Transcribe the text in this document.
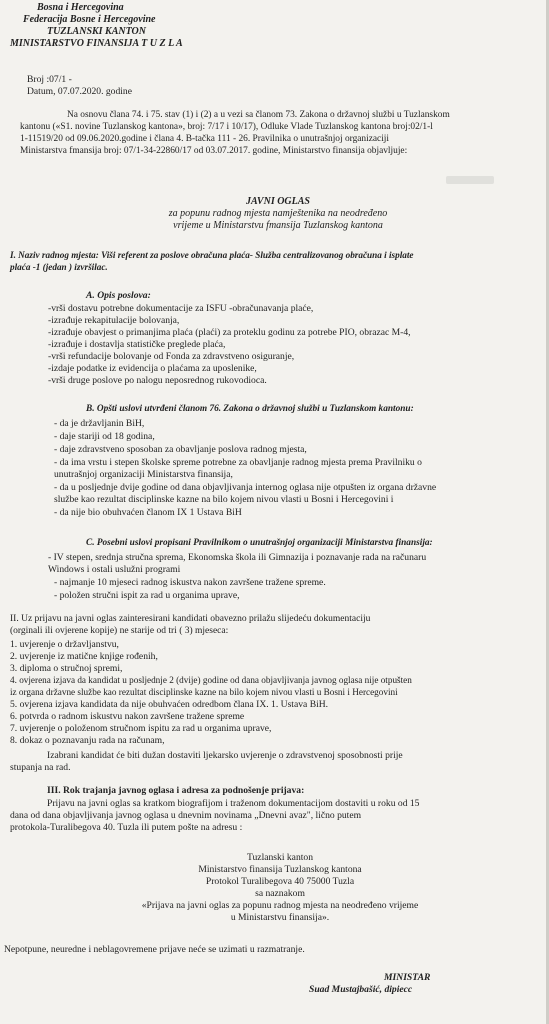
Bosna i Hercegovina
Federacija Bosne i Hercegovine
TUZLANSKI KANTON
MINISTARSTVO FINANSIJA T U Z L A
Broj :07/1 -
Datum, 07.07.2020. godine
Na osnovu člana 74. i 75. stav (1) i (2) a u vezi sa članom 73. Zakona o državnoj službi u Tuzlanskom
kantonu («S1. novine Tuzlanskog kantona», broj: 7/17 i 10/17), Odluke Vlade Tuzlanskog kantona broj:02/1-l
1-11519/20 od 09.06.2020.godine i člana 4. B-tačka 111 - 26. Pravilnika o unutrašnjoj organizaciji
Ministarstva fmansija broj: 07/1-34-22860/17 od 03.07.2017. godine, Ministarstvo finansija objavljuje:
JAVNI OGLAS
za popunu radnog mjesta namještenika na neodređeno
vrijeme u Ministarstvu fmansija Tuzlanskog kantona
I. Naziv radnog mjesta: Viši referent za poslove obračuna plaća- Služba centralizovanog obračuna i isplate
plaća -1 (jedan ) izvršilac.
A. Opis poslova:
-vrši dostavu potrebne dokumentacije za ISFU -obračunavanja plaće,
-izrađuje rekapitulacije bolovanja,
-izrađuje obavjest o primanjima plaća (plaći) za proteklu godinu za potrebe PIO, obrazac M-4,
-izrađuje i dostavlja statističke preglede plaća,
-vrši refundacije bolovanje od Fonda za zdravstveno osiguranje,
-izdaje podatke iz evidencija o plaćama za uposlenike,
-vrši druge poslove po nalogu neposrednog rukovodioca.
B. Opšti uslovi utvrđeni članom 76. Zakona o državnoj službi u Tuzlanskom kantonu:
- da je državljanin BiH,
- daje stariji od 18 godina,
- daje zdravstveno sposoban za obavljanje poslova radnog mjesta,
- da ima vrstu i stepen školske spreme potrebne za obavljanje radnog mjesta prema Pravilniku o
unutrašnjoj organizaciji Ministarstva finansija,
- da u posljednje dvije godine od dana objavljivanja internog oglasa nije otpušten iz organa državne
službe kao rezultat disciplinske kazne na bilo kojem nivou vlasti u Bosni i Hercegovini i
- da nije bio obuhvaćen članom IX 1 Ustava BiH
C. Posebni uslovi propisani Pravilnikom o unutrašnjoj organizaciji Ministarstva finansija:
- IV stepen, srednja stručna sprema, Ekonomska škola ili Gimnazija i poznavanje rada na računaru
Windows i ostali uslužni programi
- najmanje 10 mjeseci radnog iskustva nakon završene tražene spreme.
- položen stručni ispit za rad u organima uprave,
II. Uz prijavu na javni oglas zainteresirani kandidati obavezno prilažu slijedeću dokumentaciju
(orginali ili ovjerene kopije) ne starije od tri ( 3) mjeseca:
1. uvjerenje o državljanstvu,
2. uvjerenje iz matične knjige rođenih,
3. diploma o stručnoj spremi,
4. ovjerena izjava da kandidat u posljednje 2 (dvije) godine od dana objavljivanja javnog oglasa nije otpušten
iz organa državne službe kao rezultat disciplinske kazne na bilo kojem nivou vlasti u Bosni i Hercegovini
5. ovjerena izjava kandidata da nije obuhvaćen odredbom člana IX. 1. Ustava BiH.
6. potvrda o radnom iskustvu nakon završene tražene spreme
7. uvjerenje o položenom stručnom ispitu za rad u organima uprave,
8. dokaz o poznavanju rada na računam,
Izabrani kandidat će biti dužan dostaviti ljekarsko uvjerenje o zdravstvenoj sposobnosti prije
stupanja na rad.
III. Rok trajanja javnog oglasa i adresa za podnošenje prijava:
Prijavu na javni oglas sa kratkom biografijom i traženom dokumentacijom dostaviti u roku od 15
dana od dana objavljivanja javnog oglasa u dnevnim novinama „Dnevni avaz", lično putem
protokola-Turalibegova 40. Tuzla ili putem pošte na adresu :
Tuzlanski kanton
Ministarstvo finansija Tuzlanskog kantona
Protokol Turalibegova 40 75000 Tuzla
sa naznakom
«Prijava na javni oglas za popunu radnog mjesta na neodređeno vrijeme
u Ministarstvu finansija».
Nepotpune, neuredne i neblagovremene prijave neće se uzimati u razmatranje.
MINISTAR
Suad Mustajbašić, dipiecc
